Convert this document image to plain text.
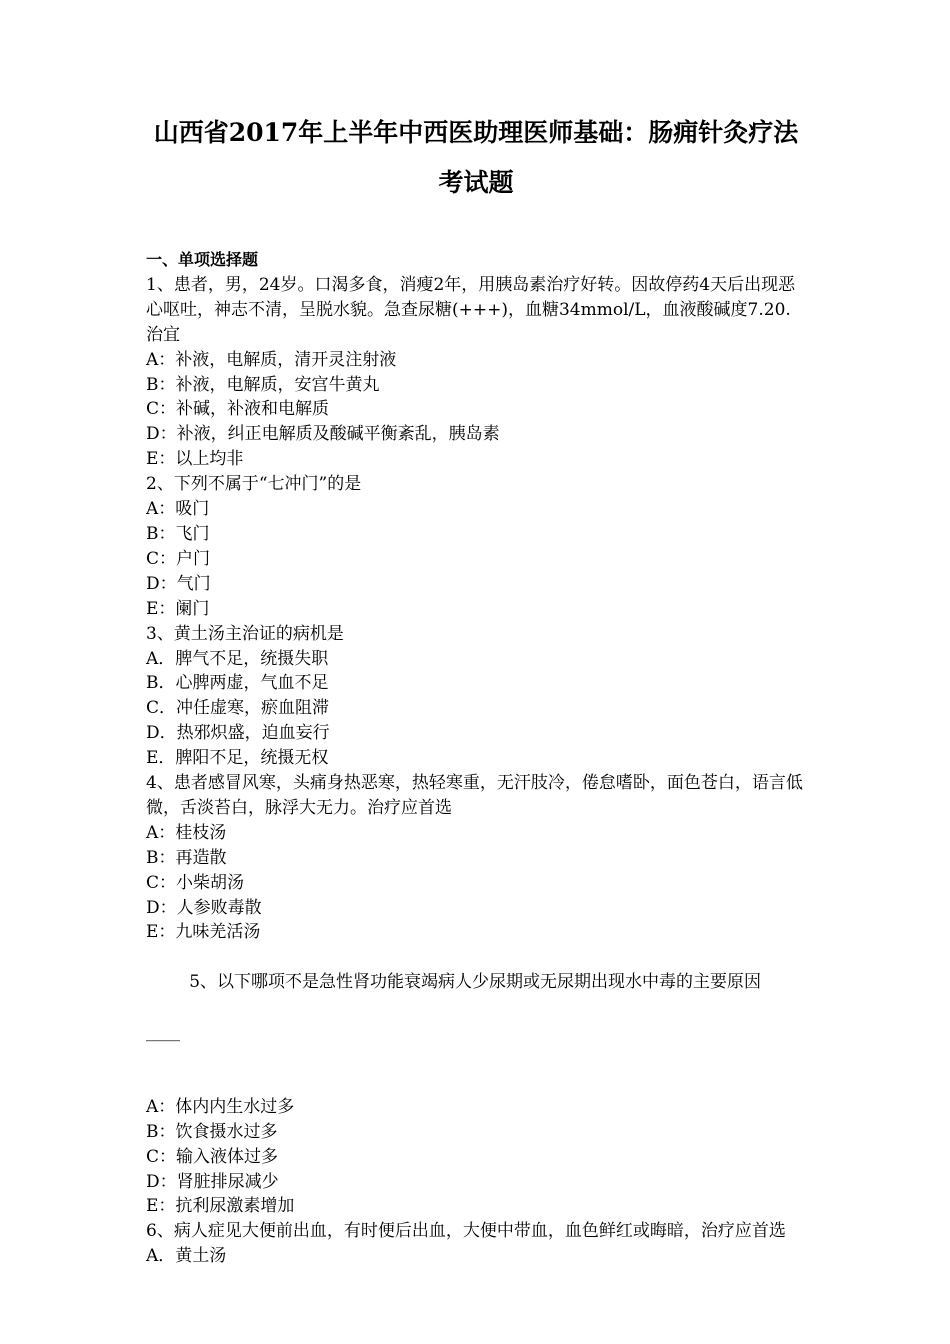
山西省2017年上半年中西医助理医师基础：肠痈针灸疗法
考试题

一、单项选择题

1、患者，男，24岁。口渴多食，消瘦2年，用胰岛素治疗好转。因故停药4天后出现恶心呕吐，神志不清，呈脱水貌。急查尿糖(+++)，血糖34mmol/L，血液酸碱度7.20.治宜

A：补液，电解质，清开灵注射液

B：补液，电解质，安宫牛黄丸

C：补碱，补液和电解质

D：补液，纠正电解质及酸碱平衡紊乱，胰岛素

E：以上均非

2、下列不属于“七冲门”的是

A：吸门

B：飞门

C：户门

D：气门

E：阑门

3、黄土汤主治证的病机是

A．脾气不足，统摄失职

B．心脾两虚，气血不足

C．冲任虚寒，瘀血阻滞

D．热邪炽盛，迫血妄行

E．脾阳不足，统摄无权

4、患者感冒风寒，头痛身热恶寒，热轻寒重，无汗肢冷，倦怠嗜卧，面色苍白，语言低微，舌淡苔白，脉浮大无力。治疗应首选

A：桂枝汤

B：再造散

C：小柴胡汤

D：人参败毒散

E：九味羌活汤

5、以下哪项不是急性肾功能衰竭病人少尿期或无尿期出现水中毒的主要原因

____

A：体内内生水过多

B：饮食摄水过多

C：输入液体过多

D：肾脏排尿减少

E：抗利尿激素增加

6、病人症见大便前出血，有时便后出血，大便中带血，血色鲜红或晦暗，治疗应首选

A．黄土汤
